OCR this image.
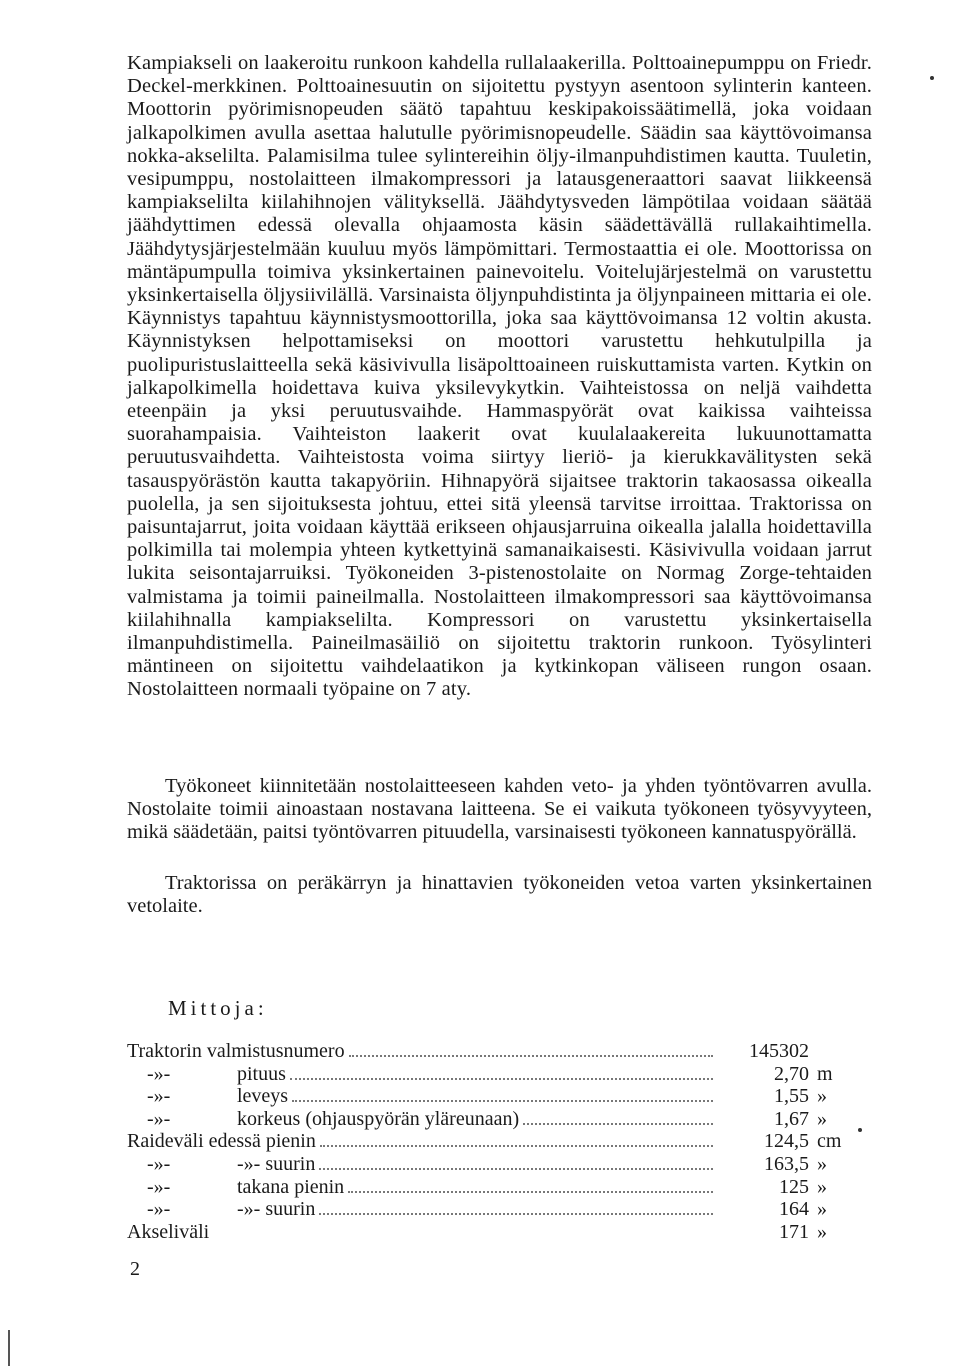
Kampiakseli on laakeroitu runkoon kahdella rullalaakerilla. Polttoainepumppu on Friedr. Deckel-merkkinen. Polttoainesuutin on sijoitettu pystyyn asentoon sylinterin kanteen. Moottorin pyörimisnopeuden säätö tapahtuu keskipakoissäätimellä, joka voidaan jalkapolkimen avulla asettaa halutulle pyörimisnopeudelle. Säädin saa käyttövoimansa nokka-akselilta. Palamisilma tulee sylintereihin öljy-ilmanpuhdistimen kautta. Tuuletin, vesipumppu, nostolaitteen ilmakompressori ja latausgeneraattori saavat liikkeensä kampiakselilta kiilahihnojen välityksellä. Jäähdytysveden lämpötilaa voidaan säätää jäähdyttimen edessä olevalla ohjaamosta käsin säädettävällä rullakaihtimella. Jäähdytysjärjestelmään kuuluu myös lämpömittari. Termostaattia ei ole. Moottorissa on mäntäpumpulla toimiva yksinkertainen painevoitelu. Voitelujärjestelmä on varustettu yksinkertaisella öljysiivilällä. Varsinaista öljynpuhdistinta ja öljynpaineen mittaria ei ole. Käynnistys tapahtuu käynnistysmoottorilla, joka saa käyttövoimansa 12 voltin akusta. Käynnistyksen helpottamiseksi on moottori varustettu hehkutulpilla ja puolipuristuslaitteella sekä käsivivulla lisäpolttoaineen ruiskuttamista varten. Kytkin on jalkapolkimella hoidettava kuiva yksilevykytkin. Vaihteistossa on neljä vaihdetta eteenpäin ja yksi peruutusvaihde. Hammaspyörät ovat kaikissa vaihteissa suorahampaisia. Vaihteiston laakerit ovat kuulalaakereita lukuunottamatta peruutusvaihdetta. Vaihteistosta voima siirtyy lieriö- ja kierukkavälitysten sekä tasauspyörästön kautta takapyöriin. Hihnapyörä sijaitsee traktorin takaosassa oikealla puolella, ja sen sijoituksesta johtuu, ettei sitä yleensä tarvitse irroittaa. Traktorissa on paisuntajarrut, joita voidaan käyttää erikseen ohjausjarruina oikealla jalalla hoidettavilla polkimilla tai molempia yhteen kytkettyinä samanaikaisesti. Käsivivulla voidaan jarrut lukita seisontajarruiksi. Työkoneiden 3-pistenostolaite on Normag Zorge-tehtaiden valmistama ja toimii paineilmalla. Nostolaitteen ilmakompressori saa käyttövoimansa kiilahihnalla kampiakselilta. Kompressori on varustettu yksinkertaisella ilmanpuhdistimella. Paineilmasäiliö on sijoitettu traktorin runkoon. Työsylinteri mäntineen on sijoitettu vaihdelaatikon ja kytkinkopan väliseen rungon osaan. Nostolaitteen normaali työpaine on 7 aty.

Työkoneet kiinnitetään nostolaitteeseen kahden veto- ja yhden työntövarren avulla. Nostolaite toimii ainoastaan nostavana laitteena. Se ei vaikuta työkoneen työsyvyyteen, mikä säädetään, paitsi työntövarren pituudella, varsinaisesti työkoneen kannatuspyörällä.

Traktorissa on peräkärryn ja hinattavien työkoneiden vetoa varten yksinkertainen vetolaite.

Mittoja:
Traktorin valmistusnumero	145302
-»-	pituus	2,70 m
-»-	leveys	1,55 »
-»-	korkeus (ohjauspyörän yläreunaan)	1,67 »
Raideväli edessä pienin	124,5 cm
-»-	-»- suurin	163,5 »
-»-	takana pienin	125 »
-»-	-»- suurin	164 »
Akseliväli	171 »
2
